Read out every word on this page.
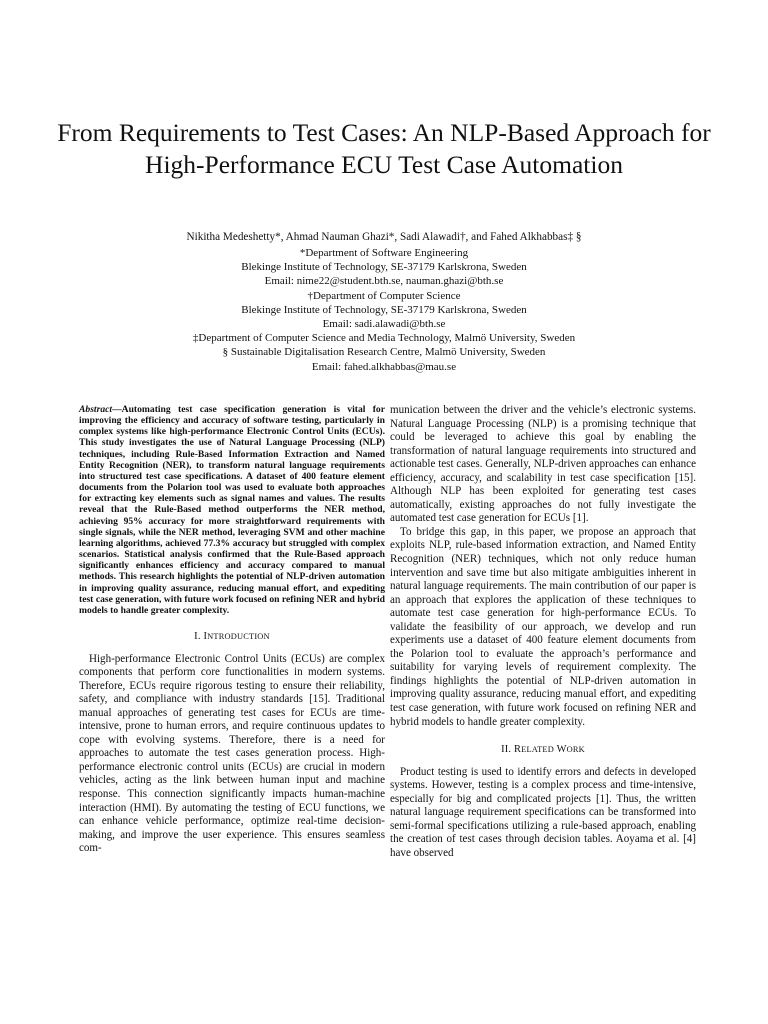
From Requirements to Test Cases: An NLP-Based Approach for High-Performance ECU Test Case Automation
Nikitha Medeshetty*, Ahmad Nauman Ghazi*, Sadi Alawadi†, and Fahed Alkhabbas‡ §
*Department of Software Engineering
Blekinge Institute of Technology, SE-37179 Karlskrona, Sweden
Email: nime22@student.bth.se, nauman.ghazi@bth.se
†Department of Computer Science
Blekinge Institute of Technology, SE-37179 Karlskrona, Sweden
Email: sadi.alawadi@bth.se
‡Department of Computer Science and Media Technology, Malmö University, Sweden
§ Sustainable Digitalisation Research Centre, Malmö University, Sweden
Email: fahed.alkhabbas@mau.se

Abstract—Automating test case specification generation is vital for improving the efficiency and accuracy of software testing, particularly in complex systems like high-performance Electronic Control Units (ECUs). This study investigates the use of Natural Language Processing (NLP) techniques, including Rule-Based Information Extraction and Named Entity Recognition (NER), to transform natural language requirements into structured test case specifications. A dataset of 400 feature element documents from the Polarion tool was used to evaluate both approaches for extracting key elements such as signal names and values. The results reveal that the Rule-Based method outperforms the NER method, achieving 95% accuracy for more straightforward requirements with single signals, while the NER method, leveraging SVM and other machine learning algorithms, achieved 77.3% accuracy but struggled with complex scenarios. Statistical analysis confirmed that the Rule-Based approach significantly enhances efficiency and accuracy compared to manual methods. This research highlights the potential of NLP-driven automation in improving quality assurance, reducing manual effort, and expediting test case generation, with future work focused on refining NER and hybrid models to handle greater complexity.

I. INTRODUCTION

High-performance Electronic Control Units (ECUs) are complex components that perform core functionalities in modern systems. Therefore, ECUs require rigorous testing to ensure their reliability, safety, and compliance with industry standards [15]. Traditional manual approaches of generating test cases for ECUs are time-intensive, prone to human errors, and require continuous updates to cope with evolving systems. Therefore, there is a need for approaches to automate the test cases generation process. High-performance electronic control units (ECUs) are crucial in modern vehicles, acting as the link between human input and machine response. This connection significantly impacts human-machine interaction (HMI). By automating the testing of ECU functions, we can enhance vehicle performance, optimize real-time decision-making, and improve the user experience. This ensures seamless com-

munication between the driver and the vehicle’s electronic systems. Natural Language Processing (NLP) is a promising technique that could be leveraged to achieve this goal by enabling the transformation of natural language requirements into structured and actionable test cases. Generally, NLP-driven approaches can enhance efficiency, accuracy, and scalability in test case specification [15]. Although NLP has been exploited for generating test cases automatically, existing approaches do not fully investigate the automated test case generation for ECUs [1].

To bridge this gap, in this paper, we propose an approach that exploits NLP, rule-based information extraction, and Named Entity Recognition (NER) techniques, which not only reduce human intervention and save time but also mitigate ambiguities inherent in natural language requirements. The main contribution of our paper is an approach that explores the application of these techniques to automate test case generation for high-performance ECUs. To validate the feasibility of our approach, we develop and run experiments use a dataset of 400 feature element documents from the Polarion tool to evaluate the approach’s performance and suitability for varying levels of requirement complexity. The findings highlights the potential of NLP-driven automation in improving quality assurance, reducing manual effort, and expediting test case generation, with future work focused on refining NER and hybrid models to handle greater complexity.

II. RELATED WORK

Product testing is used to identify errors and defects in developed systems. However, testing is a complex process and time-intensive, especially for big and complicated projects [1]. Thus, the written natural language requirement specifications can be transformed into semi-formal specifications utilizing a rule-based approach, enabling the creation of test cases through decision tables. Aoyama et al. [4] have observed
